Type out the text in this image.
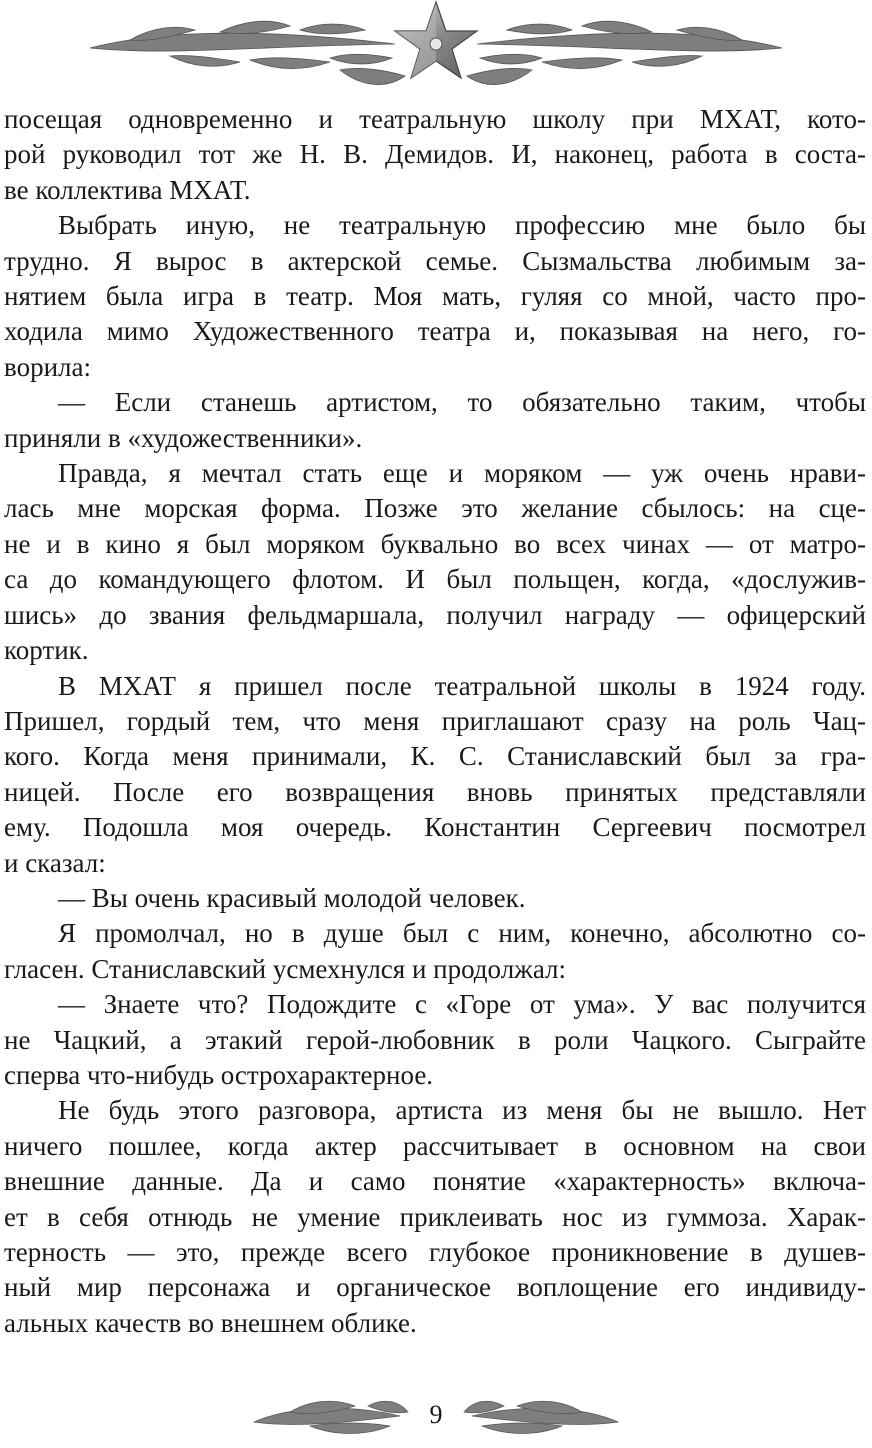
посещая одновременно и театральную школу при МХАТ, кото-
рой руководил тот же Н. В. Демидов. И, наконец, работа в соста-
ве коллектива МХАТ.
Выбрать иную, не театральную профессию мне было бы
трудно. Я вырос в актерской семье. Сызмальства любимым за-
нятием была игра в театр. Моя мать, гуляя со мной, часто про-
ходила мимо Художественного театра и, показывая на него, го-
ворила:
— Если станешь артистом, то обязательно таким, чтобы
приняли в «художественники».
Правда, я мечтал стать еще и моряком — уж очень нрави-
лась мне морская форма. Позже это желание сбылось: на сце-
не и в кино я был моряком буквально во всех чинах — от матро-
са до командующего флотом. И был польщен, когда, «дослужив-
шись» до звания фельдмаршала, получил награду — офицерский
кортик.
В МХАТ я пришел после театральной школы в 1924 году.
Пришел, гордый тем, что меня приглашают сразу на роль Чац-
кого. Когда меня принимали, К. С. Станиславский был за гра-
ницей. После его возвращения вновь принятых представляли
ему. Подошла моя очередь. Константин Сергеевич посмотрел
и сказал:
— Вы очень красивый молодой человек.
Я промолчал, но в душе был с ним, конечно, абсолютно со-
гласен. Станиславский усмехнулся и продолжал:
— Знаете что? Подождите с «Горе от ума». У вас получится
не Чацкий, а этакий герой-любовник в роли Чацкого. Сыграйте
сперва что-нибудь острохарактерное.
Не будь этого разговора, артиста из меня бы не вышло. Нет
ничего пошлее, когда актер рассчитывает в основном на свои
внешние данные. Да и само понятие «характерность» включа-
ет в себя отнюдь не умение приклеивать нос из гуммоза. Харак-
терность — это, прежде всего глубокое проникновение в душев-
ный мир персонажа и органическое воплощение его индивиду-
альных качеств во внешнем облике.
9
